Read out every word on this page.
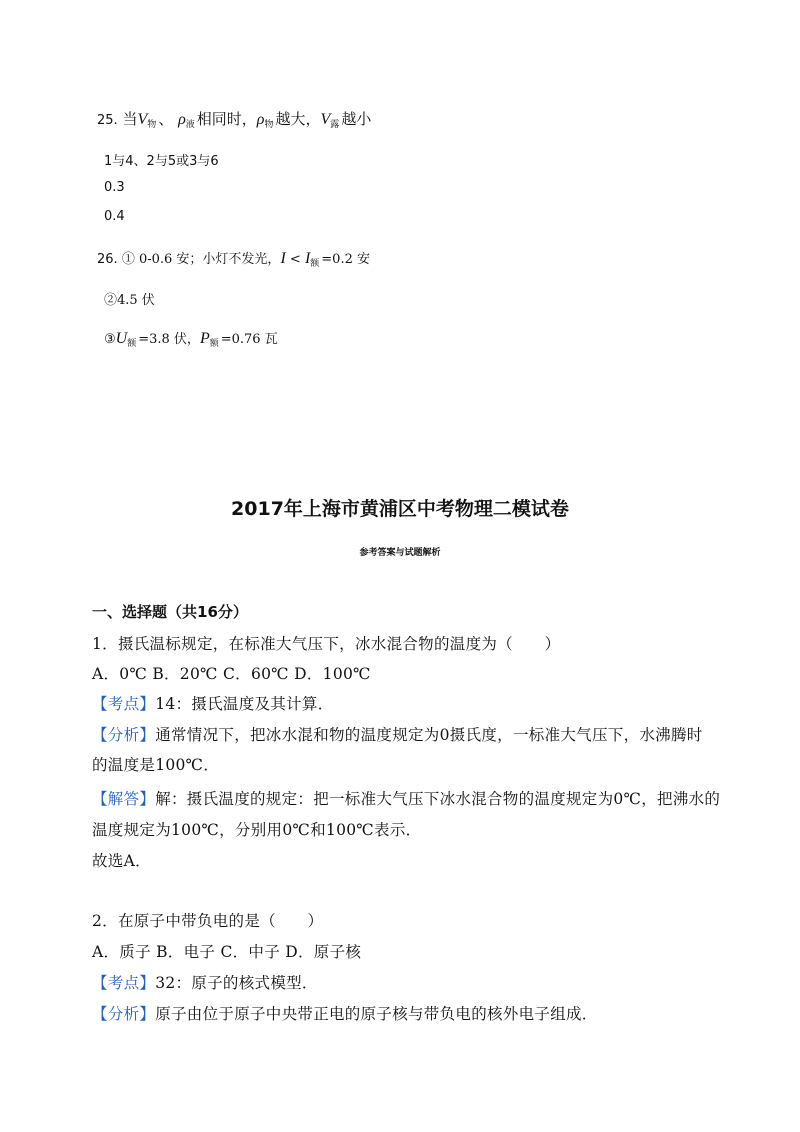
25. 当$V_物$ 、 $\rho_液$ 相同时，$\rho_物$ 越大，$V_露$ 越小
1与4、2与5或3与6
0.3
0.4
26. ① 0-0.6 安；小灯不发光，$I < I_额 =0.2$ 安
②4.5 伏
$③U_额 =3.8$ 伏，$P_额 =0.76$ 瓦
2017年上海市黄浦区中考物理二模试卷
参考答案与试题解析
一、选择题（共16分）
1．摄氏温标规定，在标准大气压下，冰水混合物的温度为（　　）
A．0℃ B．20℃ C．60℃ D．100℃
【考点】14：摄氏温度及其计算．
【分析】通常情况下，把冰水混和物的温度规定为0摄氏度，一标准大气压下，水沸腾时
的温度是100℃．
【解答】解：摄氏温度的规定：把一标准大气压下冰水混合物的温度规定为0℃，把沸水的
温度规定为100℃，分别用0℃和100℃表示．
故选A．
2．在原子中带负电的是（　　）
A．质子 B．电子 C．中子 D．原子核
【考点】32：原子的核式模型．
【分析】原子由位于原子中央带正电的原子核与带负电的核外电子组成．
